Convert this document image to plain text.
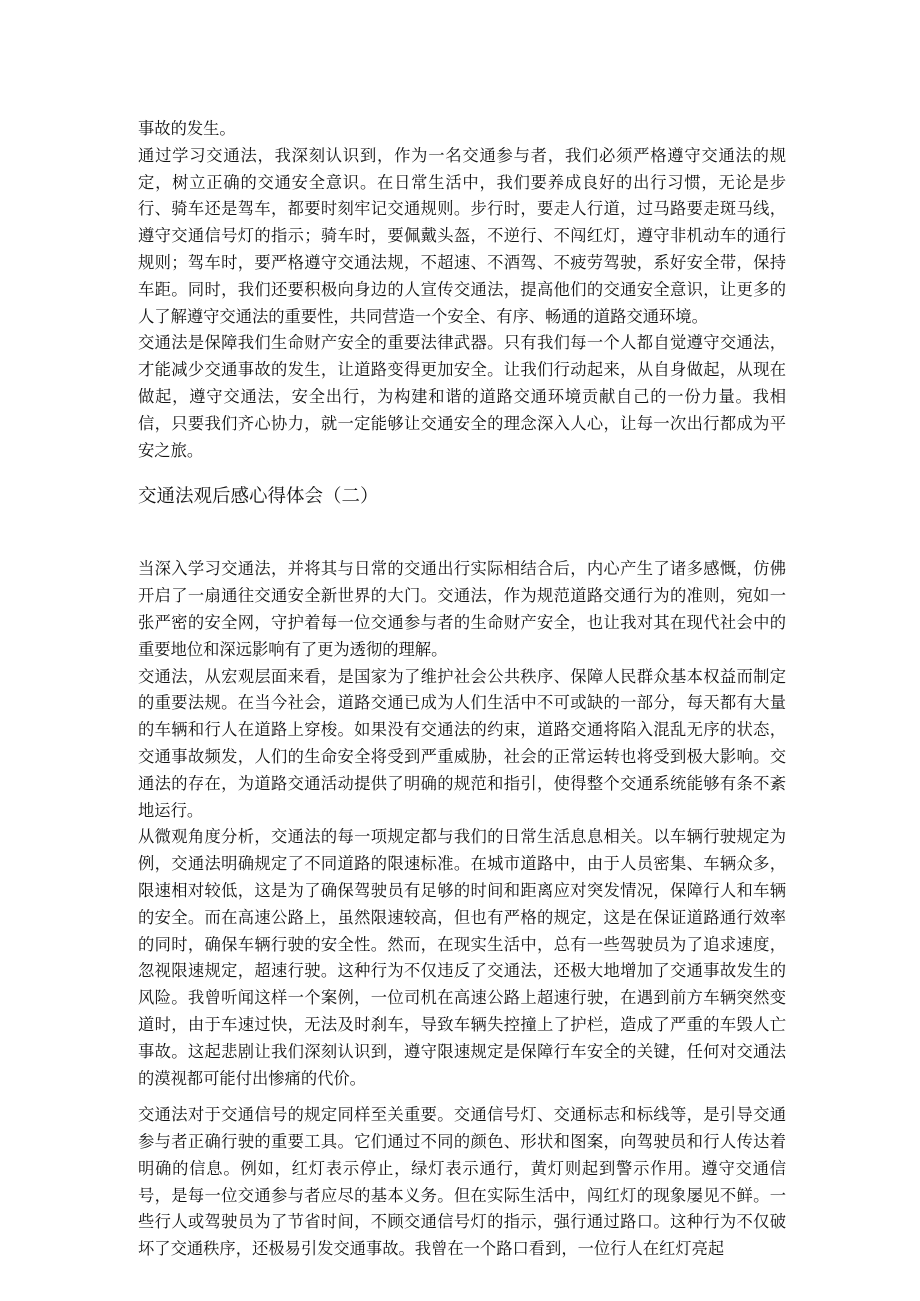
事故的发生。

通过学习交通法，我深刻认识到，作为一名交通参与者，我们必须严格遵守交通法的规定，树立正确的交通安全意识。在日常生活中，我们要养成良好的出行习惯，无论是步行、骑车还是驾车，都要时刻牢记交通规则。步行时，要走人行道，过马路要走斑马线，遵守交通信号灯的指示；骑车时，要佩戴头盔，不逆行、不闯红灯，遵守非机动车的通行规则；驾车时，要严格遵守交通法规，不超速、不酒驾、不疲劳驾驶，系好安全带，保持车距。同时，我们还要积极向身边的人宣传交通法，提高他们的交通安全意识，让更多的人了解遵守交通法的重要性，共同营造一个安全、有序、畅通的道路交通环境。

交通法是保障我们生命财产安全的重要法律武器。只有我们每一个人都自觉遵守交通法，才能减少交通事故的发生，让道路变得更加安全。让我们行动起来，从自身做起，从现在做起，遵守交通法，安全出行，为构建和谐的道路交通环境贡献自己的一份力量。我相信，只要我们齐心协力，就一定能够让交通安全的理念深入人心，让每一次出行都成为平安之旅。

交通法观后感心得体会（二）

当深入学习交通法，并将其与日常的交通出行实际相结合后，内心产生了诸多感慨，仿佛开启了一扇通往交通安全新世界的大门。交通法，作为规范道路交通行为的准则，宛如一张严密的安全网，守护着每一位交通参与者的生命财产安全，也让我对其在现代社会中的重要地位和深远影响有了更为透彻的理解。

交通法，从宏观层面来看，是国家为了维护社会公共秩序、保障人民群众基本权益而制定的重要法规。在当今社会，道路交通已成为人们生活中不可或缺的一部分，每天都有大量的车辆和行人在道路上穿梭。如果没有交通法的约束，道路交通将陷入混乱无序的状态，交通事故频发，人们的生命安全将受到严重威胁，社会的正常运转也将受到极大影响。交通法的存在，为道路交通活动提供了明确的规范和指引，使得整个交通系统能够有条不紊地运行。

从微观角度分析，交通法的每一项规定都与我们的日常生活息息相关。以车辆行驶规定为例，交通法明确规定了不同道路的限速标准。在城市道路中，由于人员密集、车辆众多，限速相对较低，这是为了确保驾驶员有足够的时间和距离应对突发情况，保障行人和车辆的安全。而在高速公路上，虽然限速较高，但也有严格的规定，这是在保证道路通行效率的同时，确保车辆行驶的安全性。然而，在现实生活中，总有一些驾驶员为了追求速度，忽视限速规定，超速行驶。这种行为不仅违反了交通法，还极大地增加了交通事故发生的风险。我曾听闻这样一个案例，一位司机在高速公路上超速行驶，在遇到前方车辆突然变道时，由于车速过快，无法及时刹车，导致车辆失控撞上了护栏，造成了严重的车毁人亡事故。这起悲剧让我们深刻认识到，遵守限速规定是保障行车安全的关键，任何对交通法的漠视都可能付出惨痛的代价。

交通法对于交通信号的规定同样至关重要。交通信号灯、交通标志和标线等，是引导交通参与者正确行驶的重要工具。它们通过不同的颜色、形状和图案，向驾驶员和行人传达着明确的信息。例如，红灯表示停止，绿灯表示通行，黄灯则起到警示作用。遵守交通信号，是每一位交通参与者应尽的基本义务。但在实际生活中，闯红灯的现象屡见不鲜。一些行人或驾驶员为了节省时间，不顾交通信号灯的指示，强行通过路口。这种行为不仅破坏了交通秩序，还极易引发交通事故。我曾在一个路口看到，一位行人在红灯亮起
